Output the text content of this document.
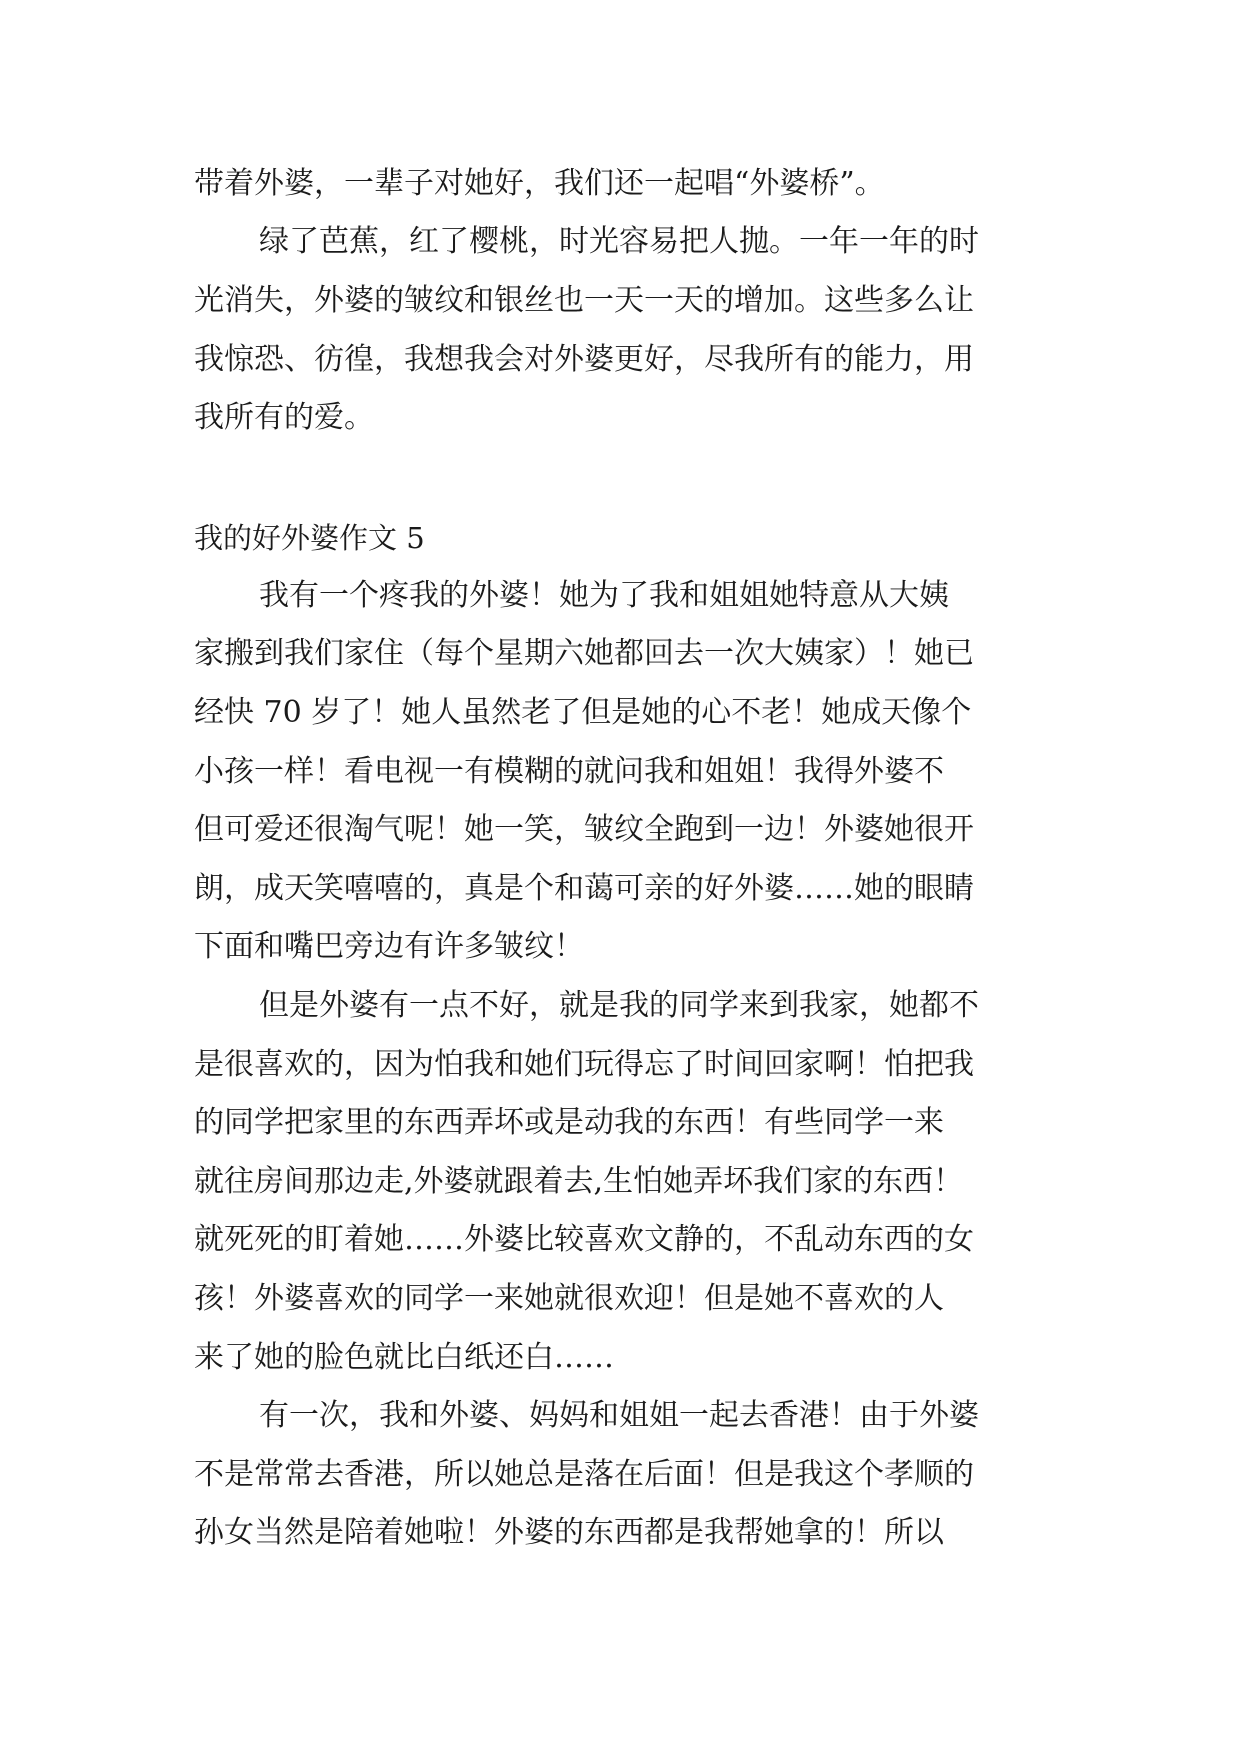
带着外婆，一辈子对她好，我们还一起唱“外婆桥”。
绿了芭蕉，红了樱桃，时光容易把人抛。一年一年的时
光消失，外婆的皱纹和银丝也一天一天的增加。这些多么让
我惊恐、彷徨，我想我会对外婆更好，尽我所有的能力，用
我所有的爱。
我的好外婆作文 5
我有一个疼我的外婆！她为了我和姐姐她特意从大姨
家搬到我们家住（每个星期六她都回去一次大姨家）！她已
经快 70 岁了！她人虽然老了但是她的心不老！她成天像个
小孩一样！看电视一有模糊的就问我和姐姐！我得外婆不
但可爱还很淘气呢！她一笑，皱纹全跑到一边！外婆她很开
朗，成天笑嘻嘻的，真是个和蔼可亲的好外婆……她的眼睛
下面和嘴巴旁边有许多皱纹！
但是外婆有一点不好，就是我的同学来到我家，她都不
是很喜欢的，因为怕我和她们玩得忘了时间回家啊！怕把我
的同学把家里的东西弄坏或是动我的东西！有些同学一来
就往房间那边走,外婆就跟着去,生怕她弄坏我们家的东西！
就死死的盯着她……外婆比较喜欢文静的，不乱动东西的女
孩！外婆喜欢的同学一来她就很欢迎！但是她不喜欢的人
来了她的脸色就比白纸还白……
有一次，我和外婆、妈妈和姐姐一起去香港！由于外婆
不是常常去香港，所以她总是落在后面！但是我这个孝顺的
孙女当然是陪着她啦！外婆的东西都是我帮她拿的！所以
